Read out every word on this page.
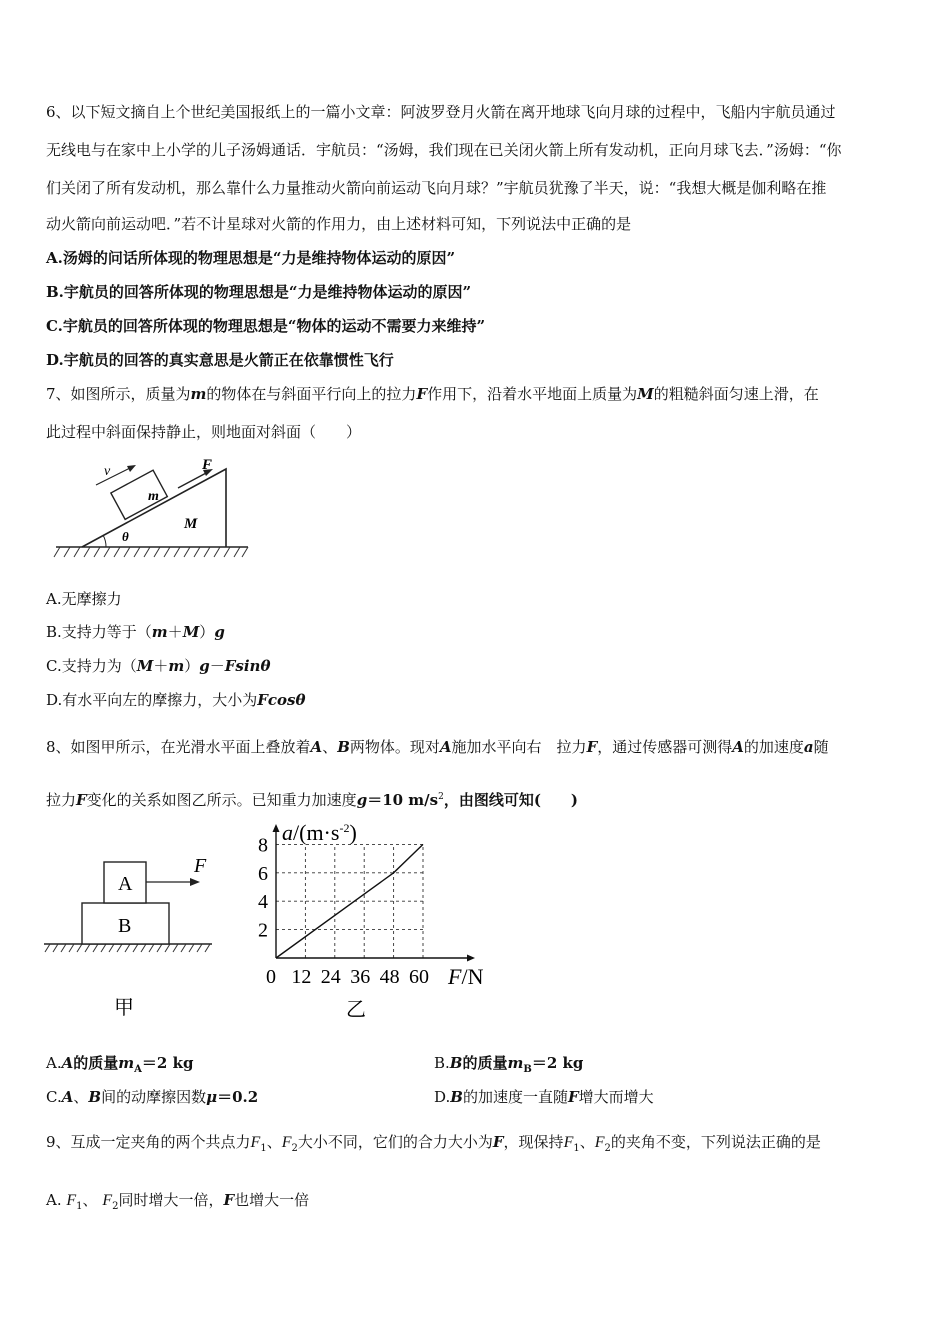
6、以下短文摘自上个世纪美国报纸上的一篇小文章：阿波罗登月火箭在离开地球飞向月球的过程中，飞船内宇航员通过
无线电与在家中上小学的儿子汤姆通话．宇航员：“汤姆，我们现在已关闭火箭上所有发动机，正向月球飞去．”汤姆：“你
们关闭了所有发动机，那么靠什么力量推动火箭向前运动飞向月球？”宇航员犹豫了半天，说：“我想大概是伽利略在推
动火箭向前运动吧．”若不计星球对火箭的作用力，由上述材料可知，下列说法中正确的是
A.汤姆的问话所体现的物理思想是“力是维持物体运动的原因”
B.宇航员的回答所体现的物理思想是“力是维持物体运动的原因”
C.宇航员的回答所体现的物理思想是“物体的运动不需要力来维持”
D.宇航员的回答的真实意思是火箭正在依靠惯性飞行
7、如图所示，质量为m的物体在与斜面平行向上的拉力F作用下，沿着水平地面上质量为M的粗糙斜面匀速上滑，在
此过程中斜面保持静止，则地面对斜面（　　）
v	F
m
M
θ
A.无摩擦力
B.支持力等于（m＋M）g
C.支持力为（M＋m）g－Fsinθ
D.有水平向左的摩擦力，大小为Fcosθ
8、如图甲所示，在光滑水平面上叠放着A、B两物体。现对A施加水平向右　拉力F，通过传感器可测得A的加速度a随
拉力F变化的关系如图乙所示。已知重力加速度g＝10 $m/s^2$，由图线可知(　　)
A
B
F
甲
0 12 24 36 48 60
2
4
6
8
$a/(m\cdot s^{-2})$
F/N
乙
A.A的质量$m_A=2$ kg	B.B的质量$m_B=2$ kg
C.A、B间的动摩擦因数μ＝0.2	D.B的加速度一直随F增大而增大
9、互成一定夹角的两个共点力$F_1$、$F_2$大小不同，它们的合力大小为F，现保持$F_1$、$F_2$的夹角不变，下列说法正确的是
A. $F_1$、 $F_2$同时增大一倍，F也增大一倍
